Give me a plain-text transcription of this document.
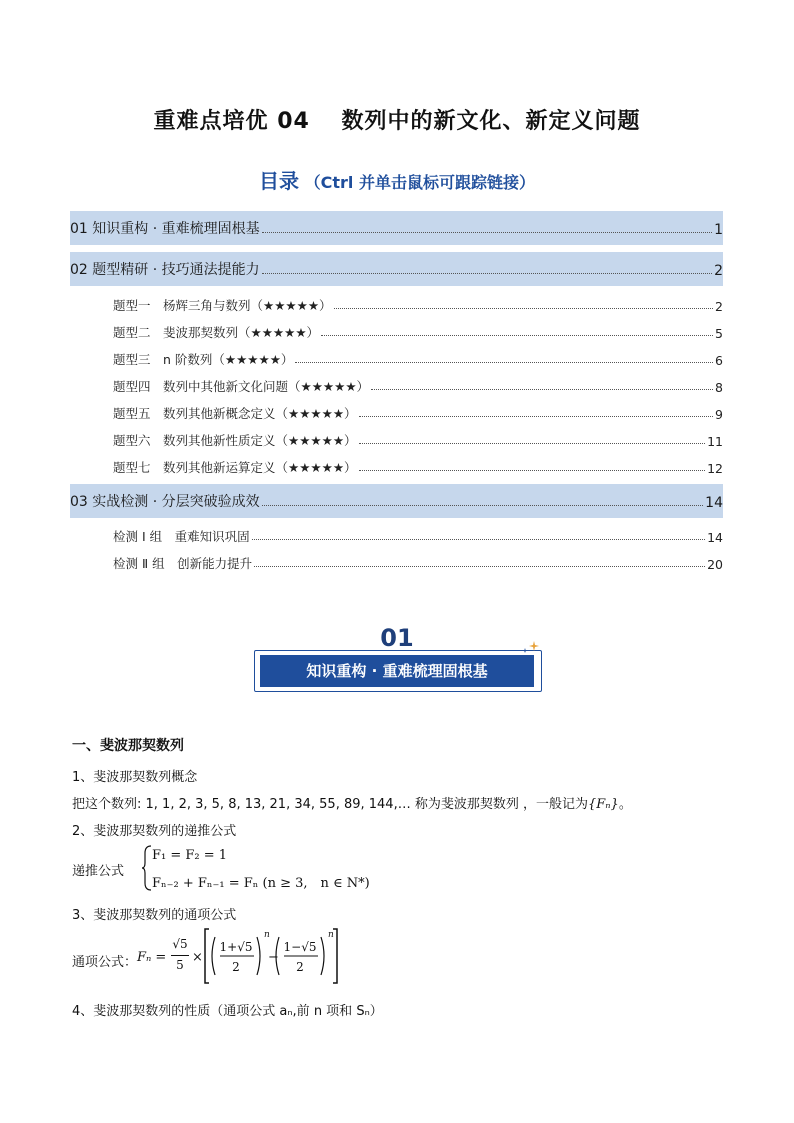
重难点培优 04　 数列中的新文化、新定义问题
目录 （Ctrl 并单击鼠标可跟踪链接）
01 知识重构 · 重难梳理固根基	1
02 题型精研 · 技巧通法提能力	2
题型一　杨辉三角与数列（★★★★★）	2
题型二　斐波那契数列（★★★★★）	5
题型三　n 阶数列（★★★★★）	6
题型四　数列中其他新文化问题（★★★★★）	8
题型五　数列其他新概念定义（★★★★★）	9
题型六　数列其他新性质定义（★★★★★）	11
题型七　数列其他新运算定义（★★★★★）	12
03 实战检测 · 分层突破验成效	14
检测 Ⅰ 组　重难知识巩固	14
检测 Ⅱ 组　创新能力提升	20
01
知识重构 · 重难梳理固根基
一、斐波那契数列
1、斐波那契数列概念
把这个数列: 1, 1, 2, 3, 5, 8, 13, 21, 34, 55, 89, 144,… 称为斐波那契数列 ，一般记为{Fₙ}。
2、斐波那契数列的递推公式
递推公式
F₁ = F₂ = 1
Fₙ₋₂ + Fₙ₋₁ = Fₙ (n ≥ 3,　n ∈ N*)
3、斐波那契数列的通项公式
通项公式： Fₙ =
√5
5 ×
1+√5
2
n
−
1−√5
2
n
4、斐波那契数列的性质（通项公式 aₙ,前 n 项和 Sₙ）
